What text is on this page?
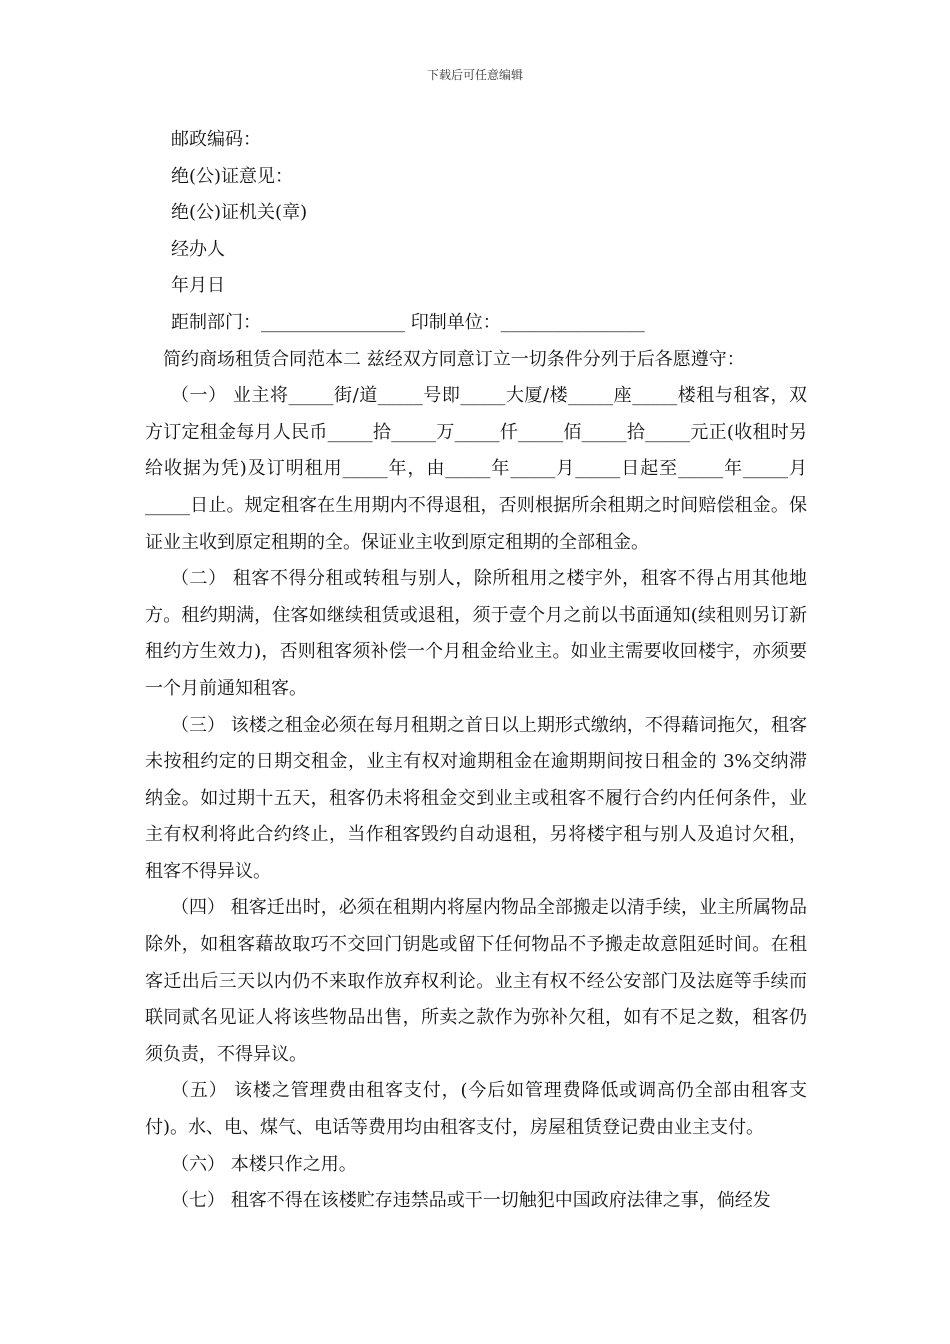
下载后可任意编辑
邮政编码：
绝(公)证意见：
绝(公)证机关(章)
经办人
年月日
距制部门：________________ 印制单位：________________
简约商场租赁合同范本二 兹经双方同意订立一切条件分列于后各愿遵守：

（一） 业主将_____街/道_____号即_____大厦/楼_____座_____楼租与租客，双方订定租金每月人民币_____拾_____万_____仟_____佰_____拾_____元正(收租时另给收据为凭)及订明租用_____年，由_____年_____月_____日起至_____年_____月_____日止。规定租客在生用期内不得退租，否则根据所余租期之时间赔偿租金。保证业主收到原定租期的全。保证业主收到原定租期的全部租金。

（二） 租客不得分租或转租与别人，除所租用之楼宇外，租客不得占用其他地方。租约期满，住客如继续租赁或退租，须于壹个月之前以书面通知(续租则另订新租约方生效力)，否则租客须补偿一个月租金给业主。如业主需要收回楼宇，亦须要一个月前通知租客。

（三） 该楼之租金必须在每月租期之首日以上期形式缴纳，不得藉词拖欠，租客未按租约定的日期交租金，业主有权对逾期租金在逾期期间按日租金的 3%交纳滞纳金。如过期十五天，租客仍未将租金交到业主或租客不履行合约内任何条件，业主有权利将此合约终止，当作租客毁约自动退租，另将楼宇租与别人及追讨欠租，租客不得异议。

（四） 租客迁出时，必须在租期内将屋内物品全部搬走以清手续，业主所属物品除外，如租客藉故取巧不交回门钥匙或留下任何物品不予搬走故意阻延时间。在租客迁出后三天以内仍不来取作放弃权利论。业主有权不经公安部门及法庭等手续而联同贰名见证人将该些物品出售，所卖之款作为弥补欠租，如有不足之数，租客仍须负责，不得异议。

（五） 该楼之管理费由租客支付，(今后如管理费降低或调高仍全部由租客支付)。水、电、煤气、电话等费用均由租客支付，房屋租赁登记费由业主支付。

（六） 本楼只作之用。

（七） 租客不得在该楼贮存违禁品或干一切触犯中国政府法律之事，倘经发
